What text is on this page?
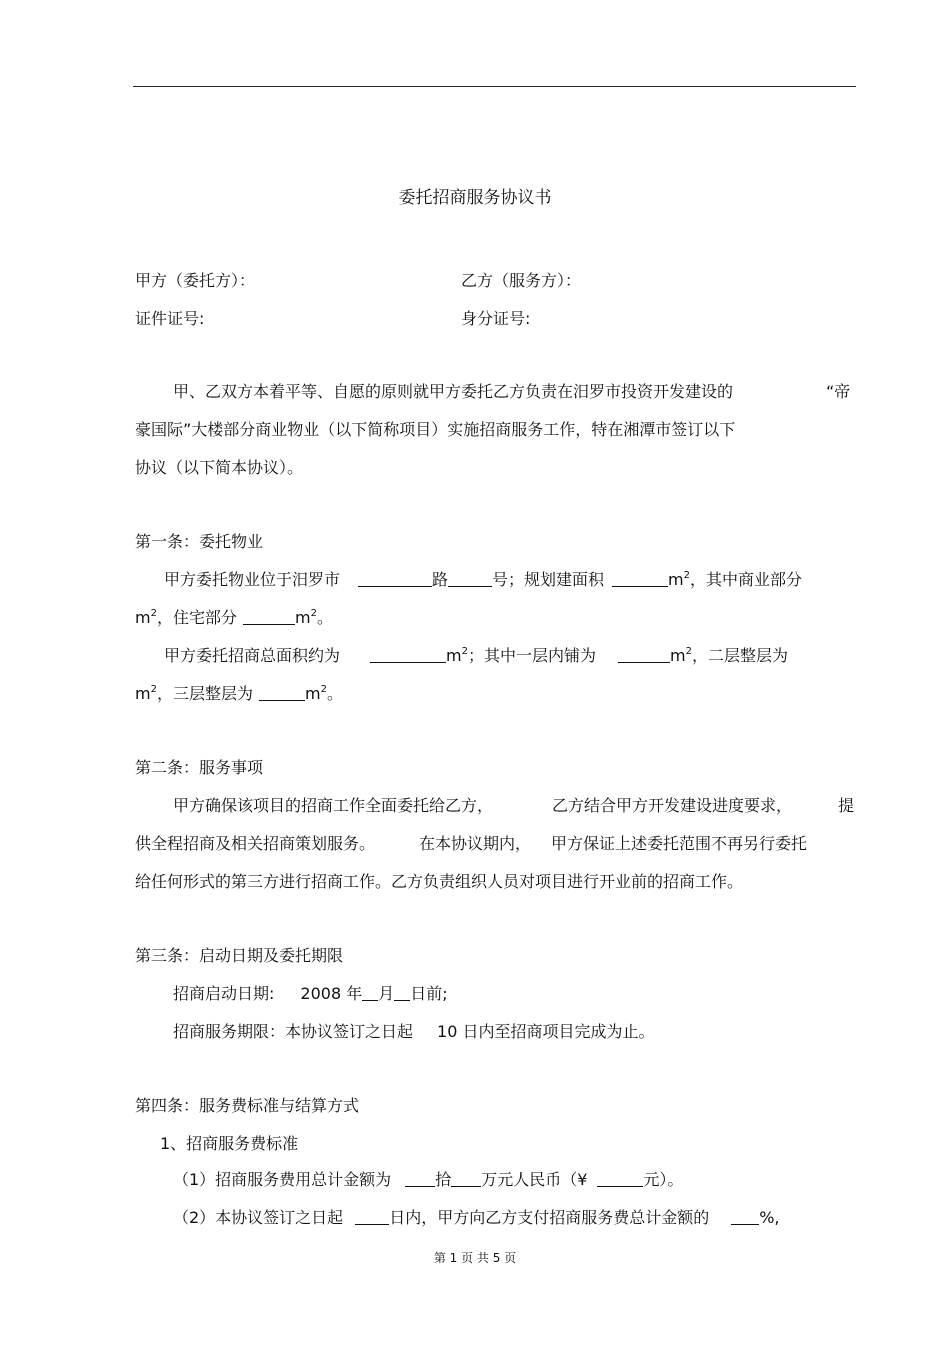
委托招商服务协议书
甲方（委托方）：	乙方（服务方）：
证件证号:	身分证号:
甲、乙双方本着平等、自愿的原则就甲方委托乙方负责在汨罗市投资开发建设的	“帝
豪国际”大楼部分商业物业（以下简称项目）实施招商服务工作，特在湘潭市签订以下
协议（以下简本协议）。
第一条：委托物业
甲方委托物业位于汨罗市	路	号；规划建面积	$m^2$，其中商业部分
$m^2$，住宅部分	$m^2$。
甲方委托招商总面积约为	$m^2$；其中一层内铺为	$m^2$，二层整层为
$m^2$，三层整层为	$m^2$。
第二条：服务事项
甲方确保该项目的招商工作全面委托给乙方，	乙方结合甲方开发建设进度要求，	提
供全程招商及相关招商策划服务。	在本协议期内， 甲方保证上述委托范围不再另行委托
给任何形式的第三方进行招商工作。乙方负责组织人员对项目进行开业前的招商工作。
第三条：启动日期及委托期限
招商启动日期: 2008 年 月 日前;
招商服务期限：本协议签订之日起 10 日内至招商项目完成为止。
第四条：服务费标准与结算方式
1、招商服务费标准
（1）招商服务费用总计金额为	拾 万元人民币（¥	元）。
（2）本协议签订之日起	日内，甲方向乙方支付招商服务费总计金额的	%,
第 1 页 共 5 页
